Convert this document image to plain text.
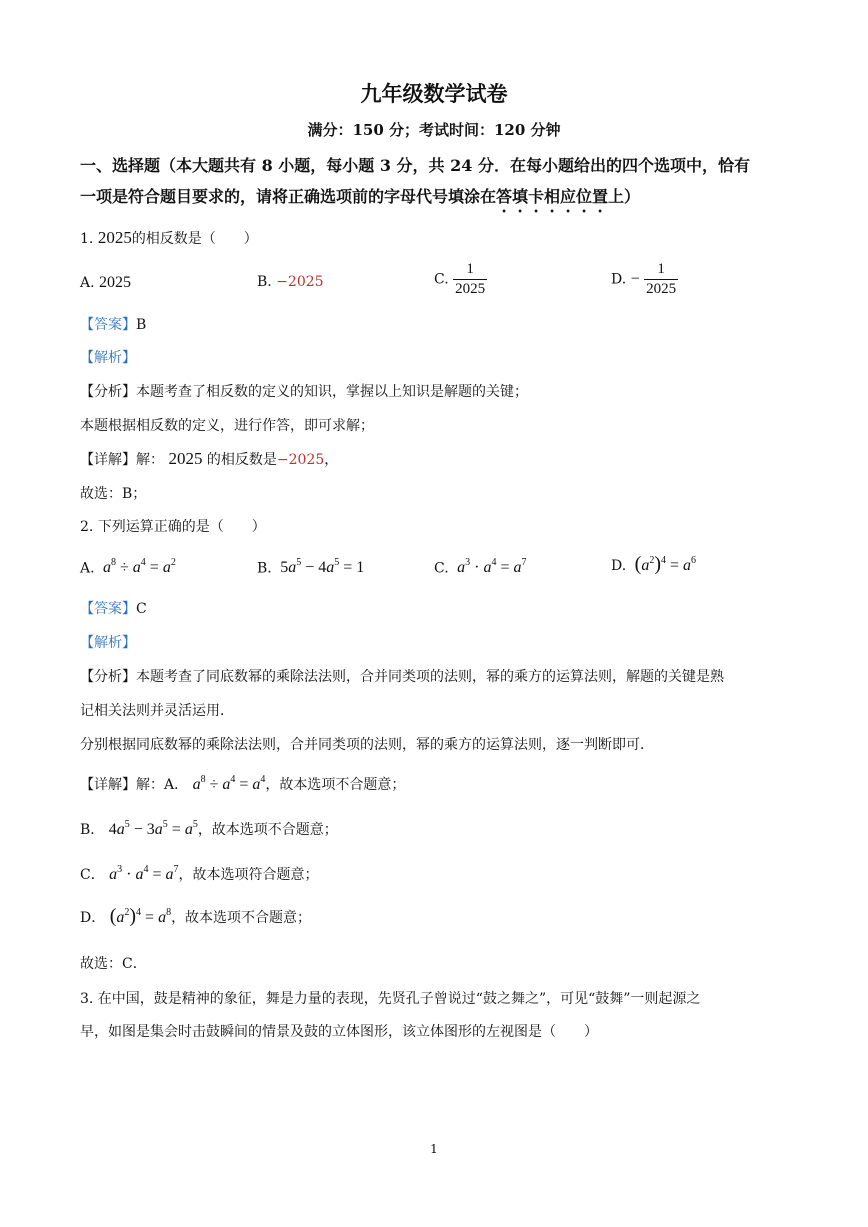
九年级数学试卷
满分：150 分；考试时间：120 分钟
一、选择题（本大题共有 8 小题，每小题 3 分，共 24 分．在每小题给出的四个选项中，恰有
一项是符合题目要求的，请将正确选项前的字母代号填涂在答填卡相应位置上）
1. 2025的相反数是（　　）
A. 2025	B. −2025	C. $\frac{1}{2025}$	D. − $\frac{1}{2025}$
【答案】B
【解析】
【分析】本题考查了相反数的定义的知识，掌握以上知识是解题的关键；
本题根据相反数的定义，进行作答，即可求解；
【详解】解： 2025 的相反数是−2025，
故选：B；
2. 下列运算正确的是（　　）
A. $a^8 \div a^4 = a^2$	B.  $5a^5 - 4a^5 = 1$	C. $a^3 \cdot a^4 = a^7$	D. $(a^2)^4 = a^6$
【答案】C
【解析】
【分析】本题考查了同底数幂的乘除法法则，合并同类项的法则，幂的乘方的运算法则，解题的关键是熟
记相关法则并灵活运用．
分别根据同底数幂的乘除法法则，合并同类项的法则，幂的乘方的运算法则，逐一判断即可．
【详解】解：A． $a^8 \div a^4 = a^4$，故本选项不合题意；
B． $4a^5 - 3a^5 = a^5$，故本选项不合题意；
C． $a^3 \cdot a^4 = a^7$，故本选项符合题意；
D． $(a^2)^4 = a^8$，故本选项不合题意；
故选：C．
3. 在中国，鼓是精神的象征，舞是力量的表现，先贤孔子曾说过“鼓之舞之”，可见“鼓舞”一则起源之
早，如图是集会时击鼓瞬间的情景及鼓的立体图形，该立体图形的左视图是（　　）
1
